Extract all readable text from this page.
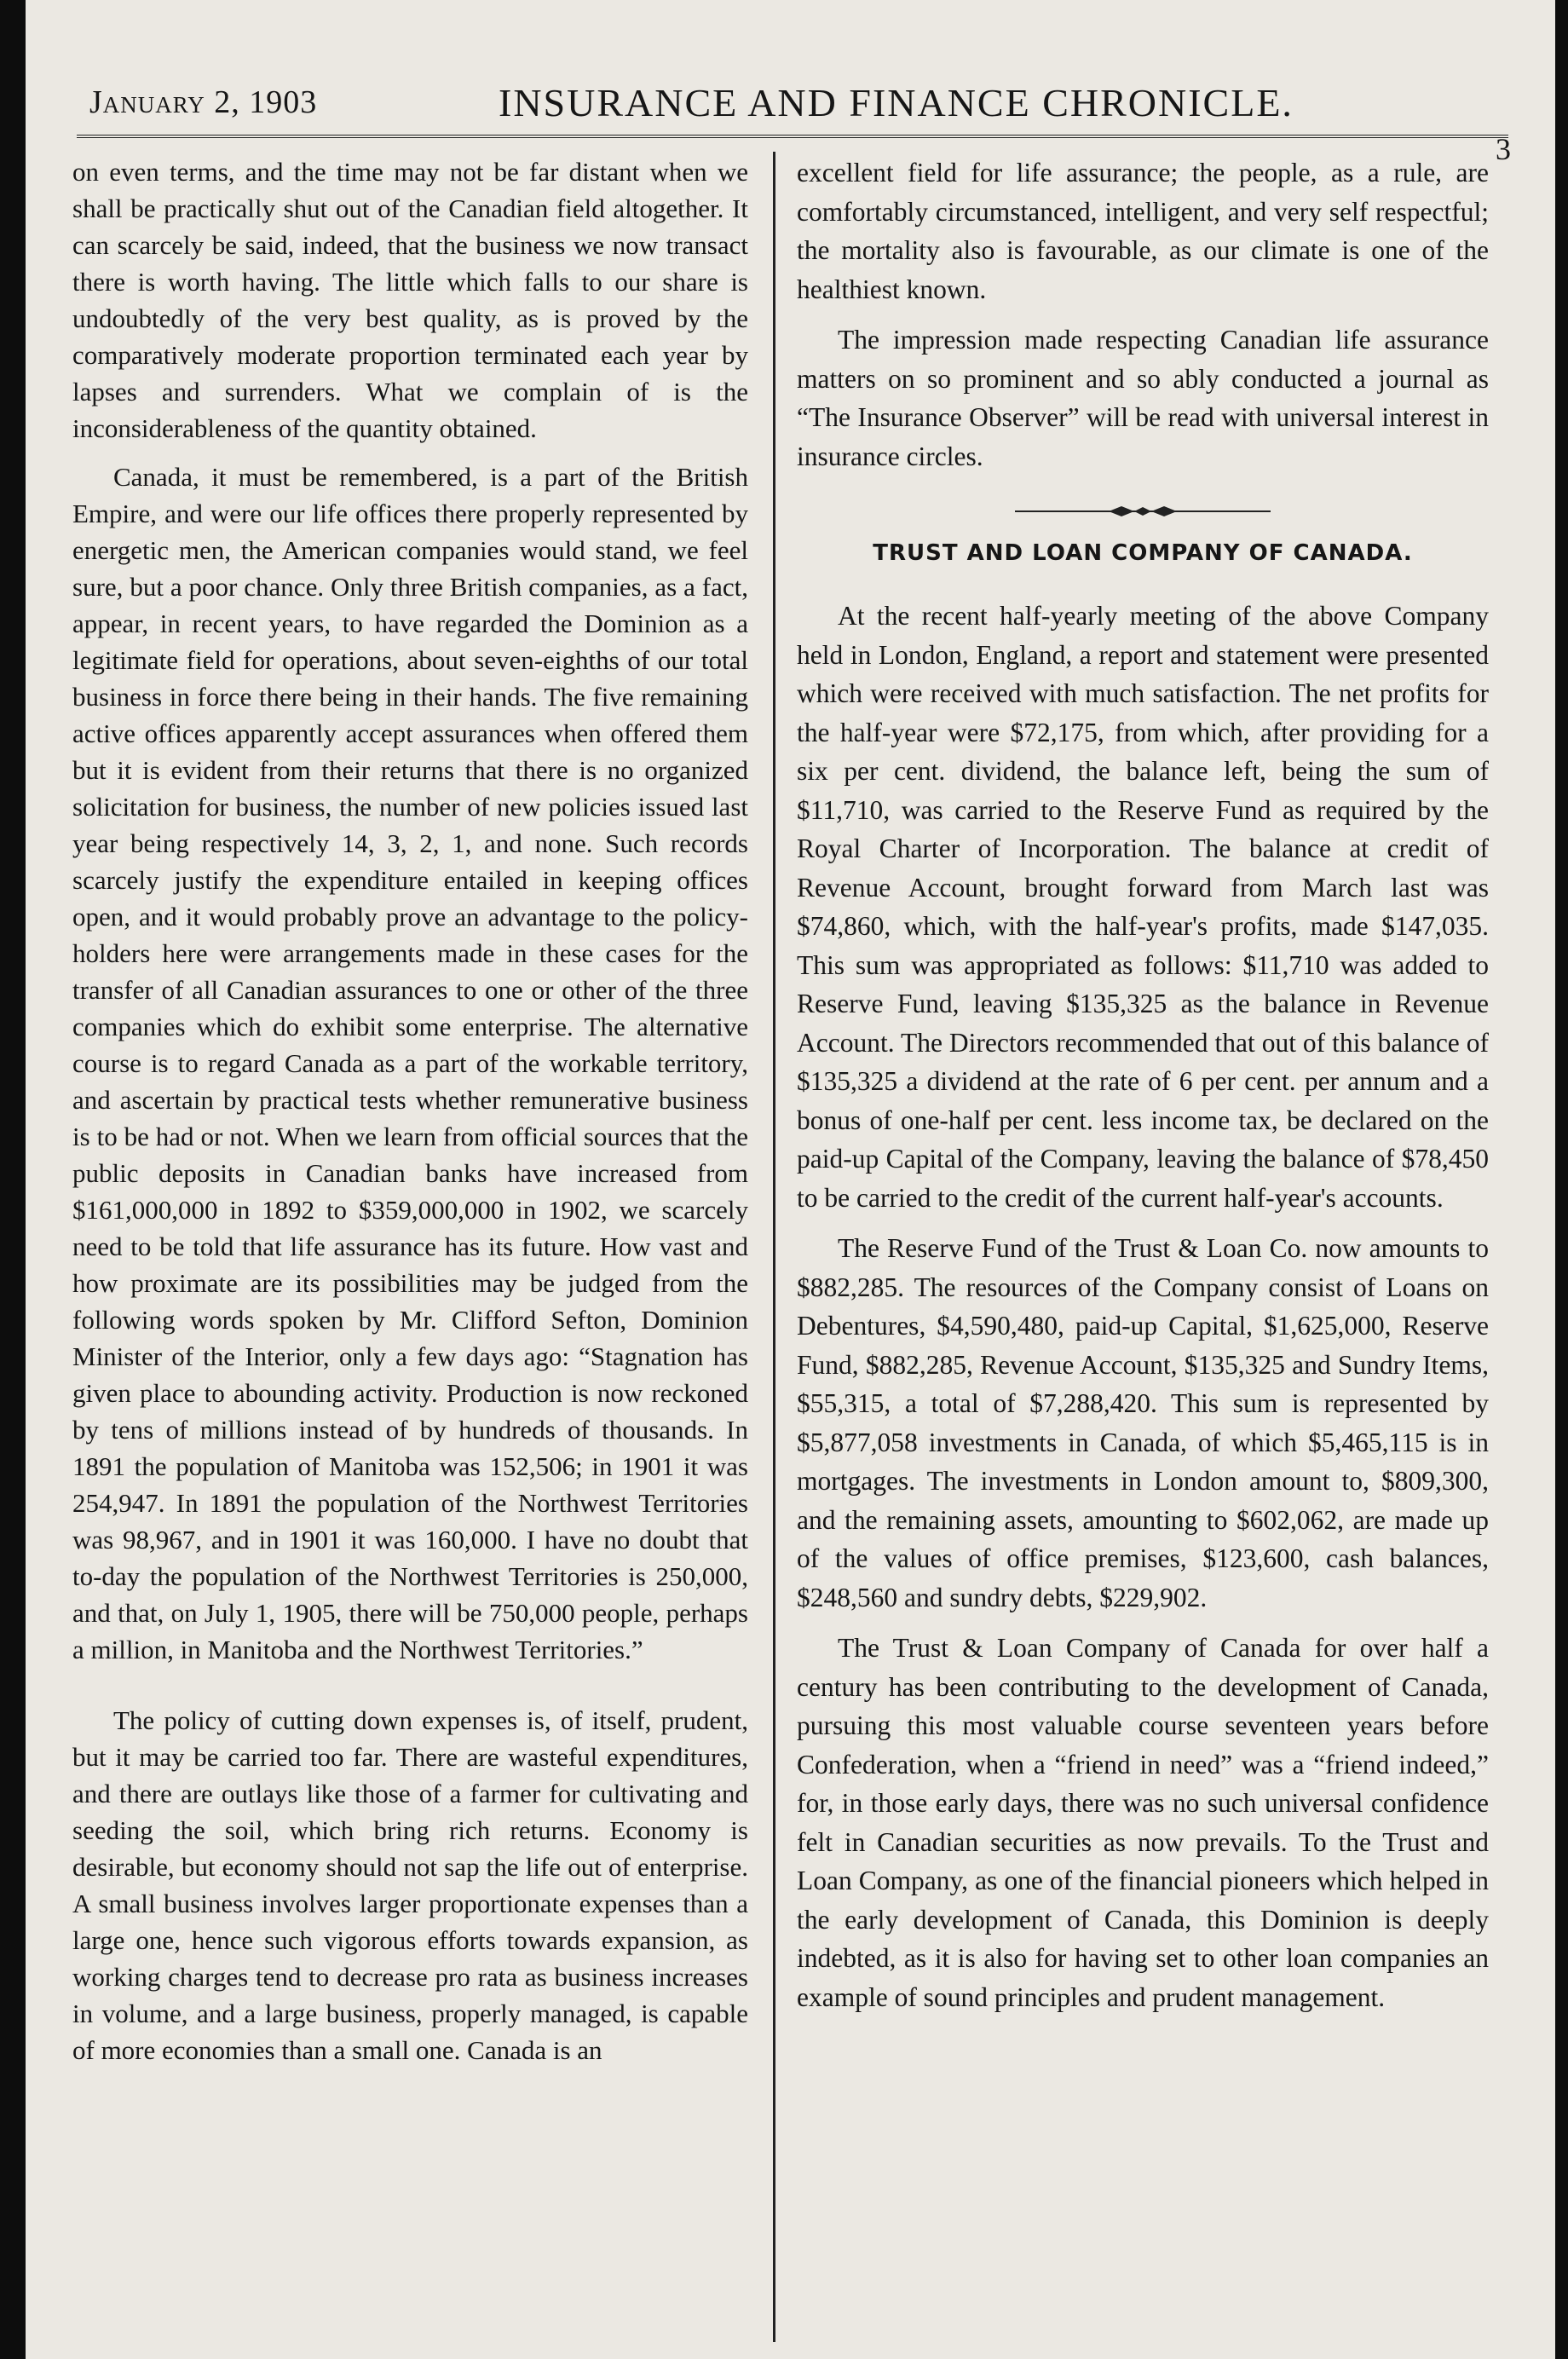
January 2, 1903	INSURANCE AND FINANCE CHRONICLE.
3

on even terms, and the time may not be far distant when we shall be practically shut out of the Canadian field altogether. It can scarcely be said, indeed, that the business we now transact there is worth having. The little which falls to our share is undoubtedly of the very best quality, as is proved by the comparatively moderate proportion terminated each year by lapses and surrenders. What we complain of is the inconsiderableness of the quantity obtained.

Canada, it must be remembered, is a part of the British Empire, and were our life offices there properly represented by energetic men, the American companies would stand, we feel sure, but a poor chance. Only three British companies, as a fact, appear, in recent years, to have regarded the Dominion as a legitimate field for operations, about seven-eighths of our total business in force there being in their hands. The five remaining active offices apparently accept assurances when offered them but it is evident from their returns that there is no organized solicitation for business, the number of new policies issued last year being respectively 14, 3, 2, 1, and none. Such records scarcely justify the expenditure entailed in keeping offices open, and it would probably prove an advantage to the policy-holders here were arrangements made in these cases for the transfer of all Canadian assurances to one or other of the three companies which do exhibit some enterprise. The alternative course is to regard Canada as a part of the workable territory, and ascertain by practical tests whether remunerative business is to be had or not. When we learn from official sources that the public deposits in Canadian banks have increased from $161,000,000 in 1892 to $359,000,000 in 1902, we scarcely need to be told that life assurance has its future. How vast and how proximate are its possibilities may be judged from the following words spoken by Mr. Clifford Sefton, Dominion Minister of the Interior, only a few days ago: “Stagnation has given place to abounding activity. Production is now reckoned by tens of millions instead of by hundreds of thousands. In 1891 the population of Manitoba was 152,506; in 1901 it was 254,947. In 1891 the population of the Northwest Territories was 98,967, and in 1901 it was 160,000. I have no doubt that to-day the population of the Northwest Territories is 250,000, and that, on July 1, 1905, there will be 750,000 people, perhaps a million, in Manitoba and the Northwest Territories.”

The policy of cutting down expenses is, of itself, prudent, but it may be carried too far. There are wasteful expenditures, and there are outlays like those of a farmer for cultivating and seeding the soil, which bring rich returns. Economy is desirable, but economy should not sap the life out of enterprise. A small business involves larger proportionate expenses than a large one, hence such vigorous efforts towards expansion, as working charges tend to decrease pro rata as business increases in volume, and a large business, properly managed, is capable of more economies than a small one. Canada is an

excellent field for life assurance; the people, as a rule, are comfortably circumstanced, intelligent, and very self respectful; the mortality also is favourable, as our climate is one of the healthiest known.

The impression made respecting Canadian life assurance matters on so prominent and so ably conducted a journal as “The Insurance Observer” will be read with universal interest in insurance circles.

TRUST AND LOAN COMPANY OF CANADA.

At the recent half-yearly meeting of the above Company held in London, England, a report and statement were presented which were received with much satisfaction. The net profits for the half-year were $72,175, from which, after providing for a six per cent. dividend, the balance left, being the sum of $11,710, was carried to the Reserve Fund as required by the Royal Charter of Incorporation. The balance at credit of Revenue Account, brought forward from March last was $74,860, which, with the half-year's profits, made $147,035. This sum was appropriated as follows: $11,710 was added to Reserve Fund, leaving $135,325 as the balance in Revenue Account. The Directors recommended that out of this balance of $135,325 a dividend at the rate of 6 per cent. per annum and a bonus of one-half per cent. less income tax, be declared on the paid-up Capital of the Company, leaving the balance of $78,450 to be carried to the credit of the current half-year's accounts.

The Reserve Fund of the Trust & Loan Co. now amounts to $882,285. The resources of the Company consist of Loans on Debentures, $4,590,480, paid-up Capital, $1,625,000, Reserve Fund, $882,285, Revenue Account, $135,325 and Sundry Items, $55,315, a total of $7,288,420. This sum is represented by $5,877,058 investments in Canada, of which $5,465,115 is in mortgages. The investments in London amount to, $809,300, and the remaining assets, amounting to $602,062, are made up of the values of office premises, $123,600, cash balances, $248,560 and sundry debts, $229,902.

The Trust & Loan Company of Canada for over half a century has been contributing to the development of Canada, pursuing this most valuable course seventeen years before Confederation, when a “friend in need” was a “friend indeed,” for, in those early days, there was no such universal confidence felt in Canadian securities as now prevails. To the Trust and Loan Company, as one of the financial pioneers which helped in the early development of Canada, this Dominion is deeply indebted, as it is also for having set to other loan companies an example of sound principles and prudent management.
